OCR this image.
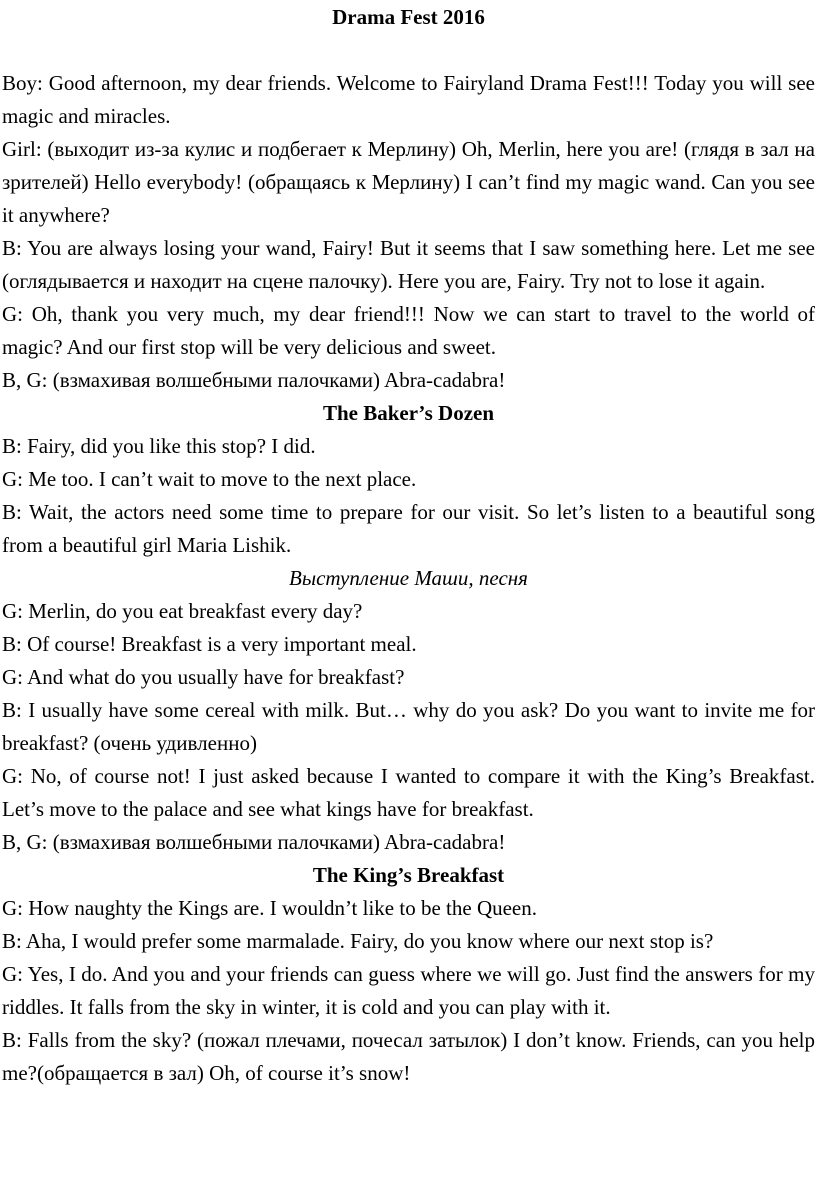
Drama Fest 2016

Boy: Good afternoon, my dear friends. Welcome to Fairyland Drama Fest!!! Today you will see magic and miracles.

Girl: (выходит из-за кулис и подбегает к Мерлину) Oh, Merlin, here you are! (глядя в зал на зрителей) Hello everybody! (обращаясь к Мерлину) I can’t find my magic wand. Can you see it anywhere?

B: You are always losing your wand, Fairy! But it seems that I saw something here. Let me see (оглядывается и находит на сцене палочку). Here you are, Fairy. Try not to lose it again.

G: Oh, thank you very much, my dear friend!!! Now we can start to travel to the world of magic? And our first stop will be very delicious and sweet.

B, G: (взмахивая волшебными палочками) Abra-cadabra!

The Baker’s Dozen

B: Fairy, did you like this stop? I did.

G: Me too. I can’t wait to move to the next place.

B: Wait, the actors need some time to prepare for our visit. So let’s listen to a beautiful song from a beautiful girl Maria Lishik.

Выступление Маши, песня

G: Merlin, do you eat breakfast every day?

B: Of course! Breakfast is a very important meal.

G: And what do you usually have for breakfast?

B: I usually have some cereal with milk. But… why do you ask? Do you want to invite me for breakfast? (очень удивленно)

G: No, of course not! I just asked because I wanted to compare it with the King’s Breakfast. Let’s move to the palace and see what kings have for breakfast.

B, G: (взмахивая волшебными палочками) Abra-cadabra!

The King’s Breakfast

G: How naughty the Kings are. I wouldn’t like to be the Queen.

B: Aha, I would prefer some marmalade. Fairy, do you know where our next stop is?

G: Yes, I do. And you and your friends can guess where we will go. Just find the answers for my riddles. It falls from the sky in winter, it is cold and you can play with it.

B: Falls from the sky? (пожал плечами, почесал затылок) I don’t know. Friends, can you help me?(обращается в зал) Oh, of course it’s snow!
